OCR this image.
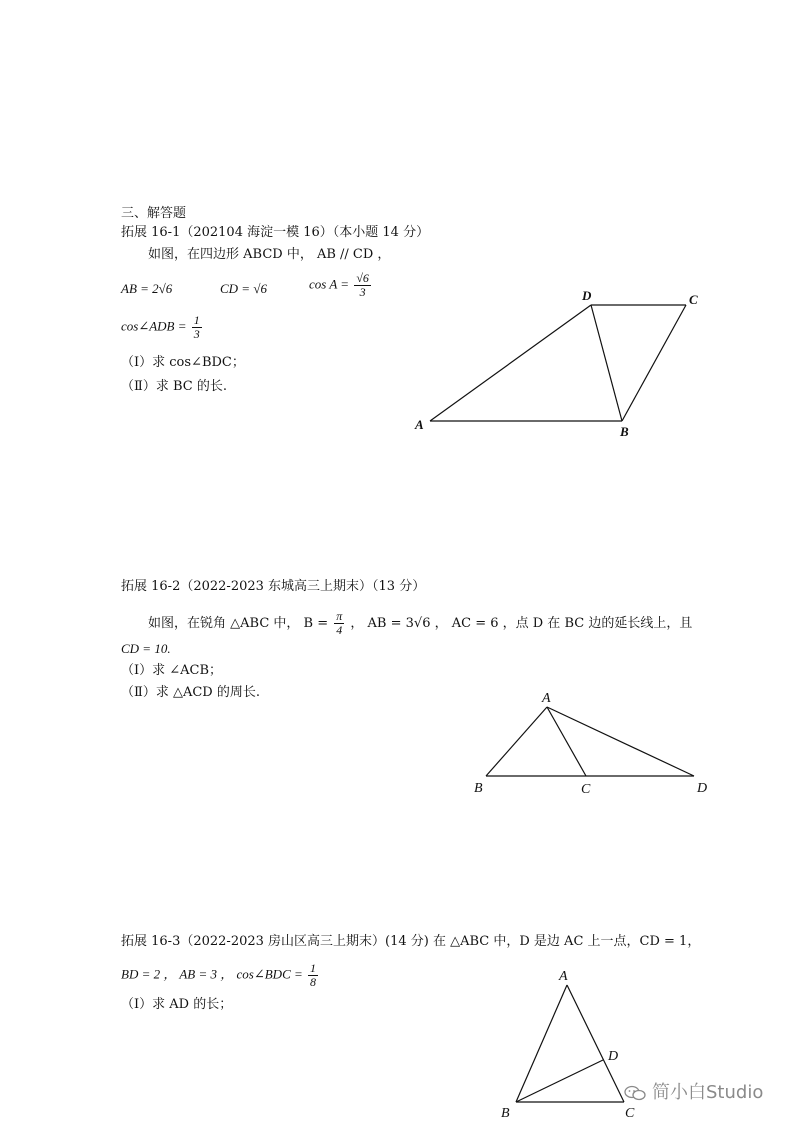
三、解答题
拓展 16-1（202104 海淀一模 16）（本小题 14 分）
如图，在四边形 ABCD 中， AB // CD ，
AB = 2√6	CD = √6	$\cos A = \frac{√6}{3}$
cos∠ADB = $\frac{1}{3}$
（Ⅰ）求 cos∠BDC；
（Ⅱ）求 BC 的长.
拓展 16-2（2022-2023 东城高三上期末）（13 分）
如图，在锐角 △ABC 中， $B = \frac{\pi}{4}$ ， AB = 3√6 ， AC = 6 ，点 D 在 BC 边的延长线上，且
CD = 10.
（Ⅰ）求 ∠ACB；
（Ⅱ）求 △ACD 的周长.
拓展 16-3（2022-2023 房山区高三上期末）(14 分) 在 △ABC 中，D 是边 AC 上一点，CD = 1，
BD = 2 ， AB = 3 ， cos∠BDC = $\frac{1}{8}$
（Ⅰ）求 AD 的长；
D	C
A	B
A
B	C	D
A
D
B	C
简小白Studio
